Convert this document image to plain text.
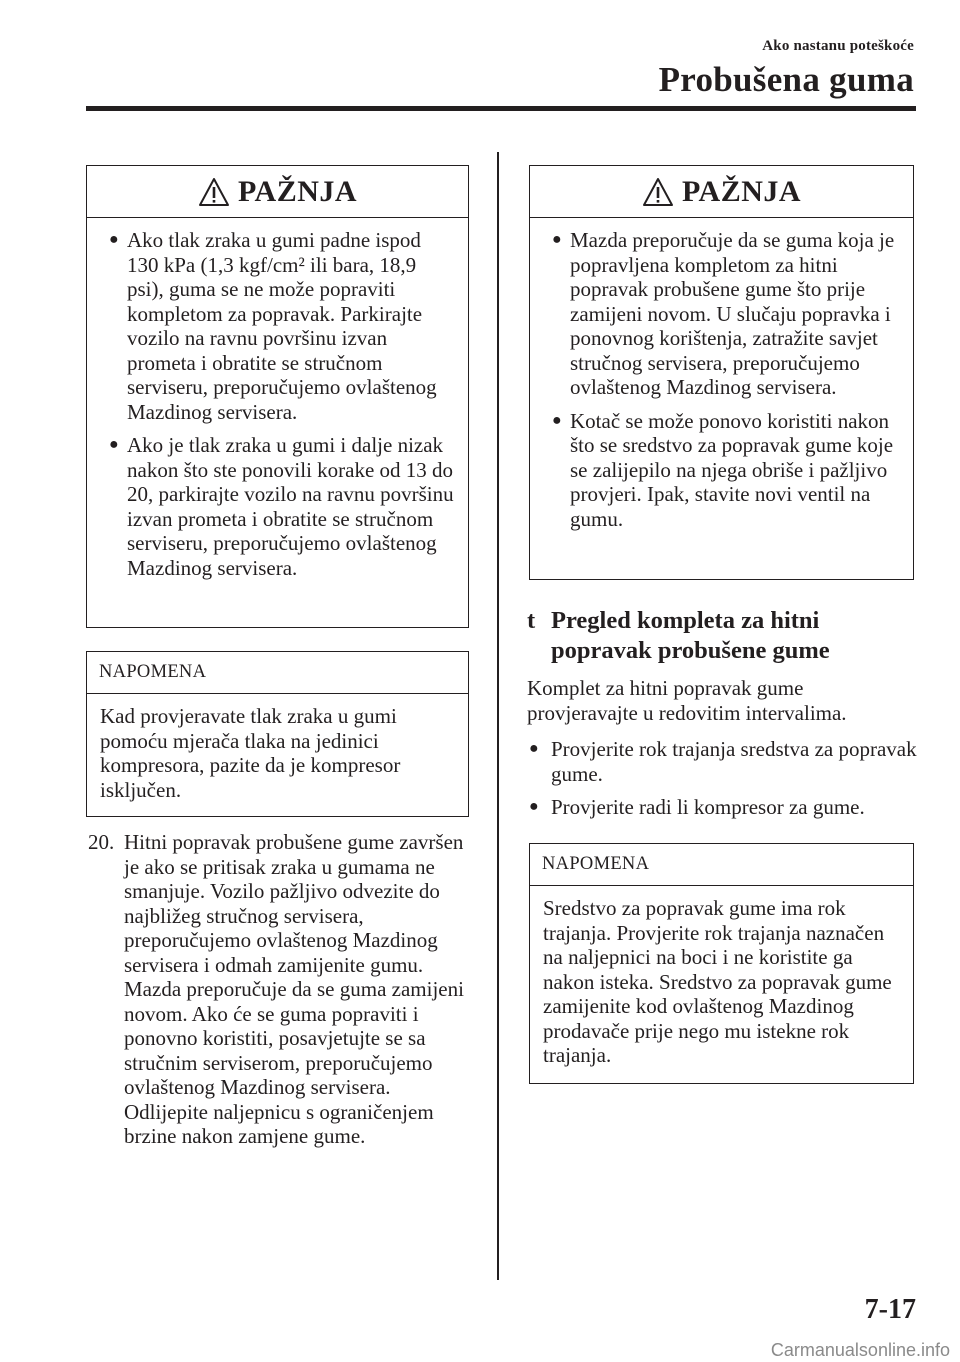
Ako nastanu poteškoće
Probušena guma
PAŽNJA
● Ako tlak zraka u gumi padne ispod 130 kPa (1,3 kgf/cm² ili bara, 18,9 psi), guma se ne može popraviti kompletom za popravak. Parkirajte vozilo na ravnu površinu izvan prometa i obratite se stručnom serviseru, preporučujemo ovlaštenog Mazdinog servisera.
● Ako je tlak zraka u gumi i dalje nizak nakon što ste ponovili korake od 13 do 20, parkirajte vozilo na ravnu površinu izvan prometa i obratite se stručnom serviseru, preporučujemo ovlaštenog Mazdinog servisera.
NAPOMENA
Kad provjeravate tlak zraka u gumi pomoću mjerača tlaka na jedinici kompresora, pazite da je kompresor isključen.
20. Hitni popravak probušene gume završen je ako se pritisak zraka u gumama ne smanjuje. Vozilo pažljivo odvezite do najbližeg stručnog servisera, preporučujemo ovlaštenog Mazdinog servisera i odmah zamijenite gumu. Mazda preporučuje da se guma zamijeni novom. Ako će se guma popraviti i ponovno koristiti, posavjetujte se sa stručnim serviserom, preporučujemo ovlaštenog Mazdinog servisera. Odlijepite naljepnicu s ograničenjem brzine nakon zamjene gume.
PAŽNJA
● Mazda preporučuje da se guma koja je popravljena kompletom za hitni popravak probušene gume što prije zamijeni novom. U slučaju popravka i ponovnog korištenja, zatražite savjet stručnog servisera, preporučujemo ovlaštenog Mazdinog servisera.
● Kotač se može ponovo koristiti nakon što se sredstvo za popravak gume koje se zalijepilo na njega obriše i pažljivo provjeri. Ipak, stavite novi ventil na gumu.
t Pregled kompleta za hitni popravak probušene gume
Komplet za hitni popravak gume provjeravajte u redovitim intervalima.
● Provjerite rok trajanja sredstva za popravak gume.
● Provjerite radi li kompresor za gume.
NAPOMENA
Sredstvo za popravak gume ima rok trajanja. Provjerite rok trajanja naznačen na naljepnici na boci i ne koristite ga nakon isteka. Sredstvo za popravak gume zamijenite kod ovlaštenog Mazdinog prodavače prije nego mu istekne rok trajanja.
7-17
Carmanualsonline.info
